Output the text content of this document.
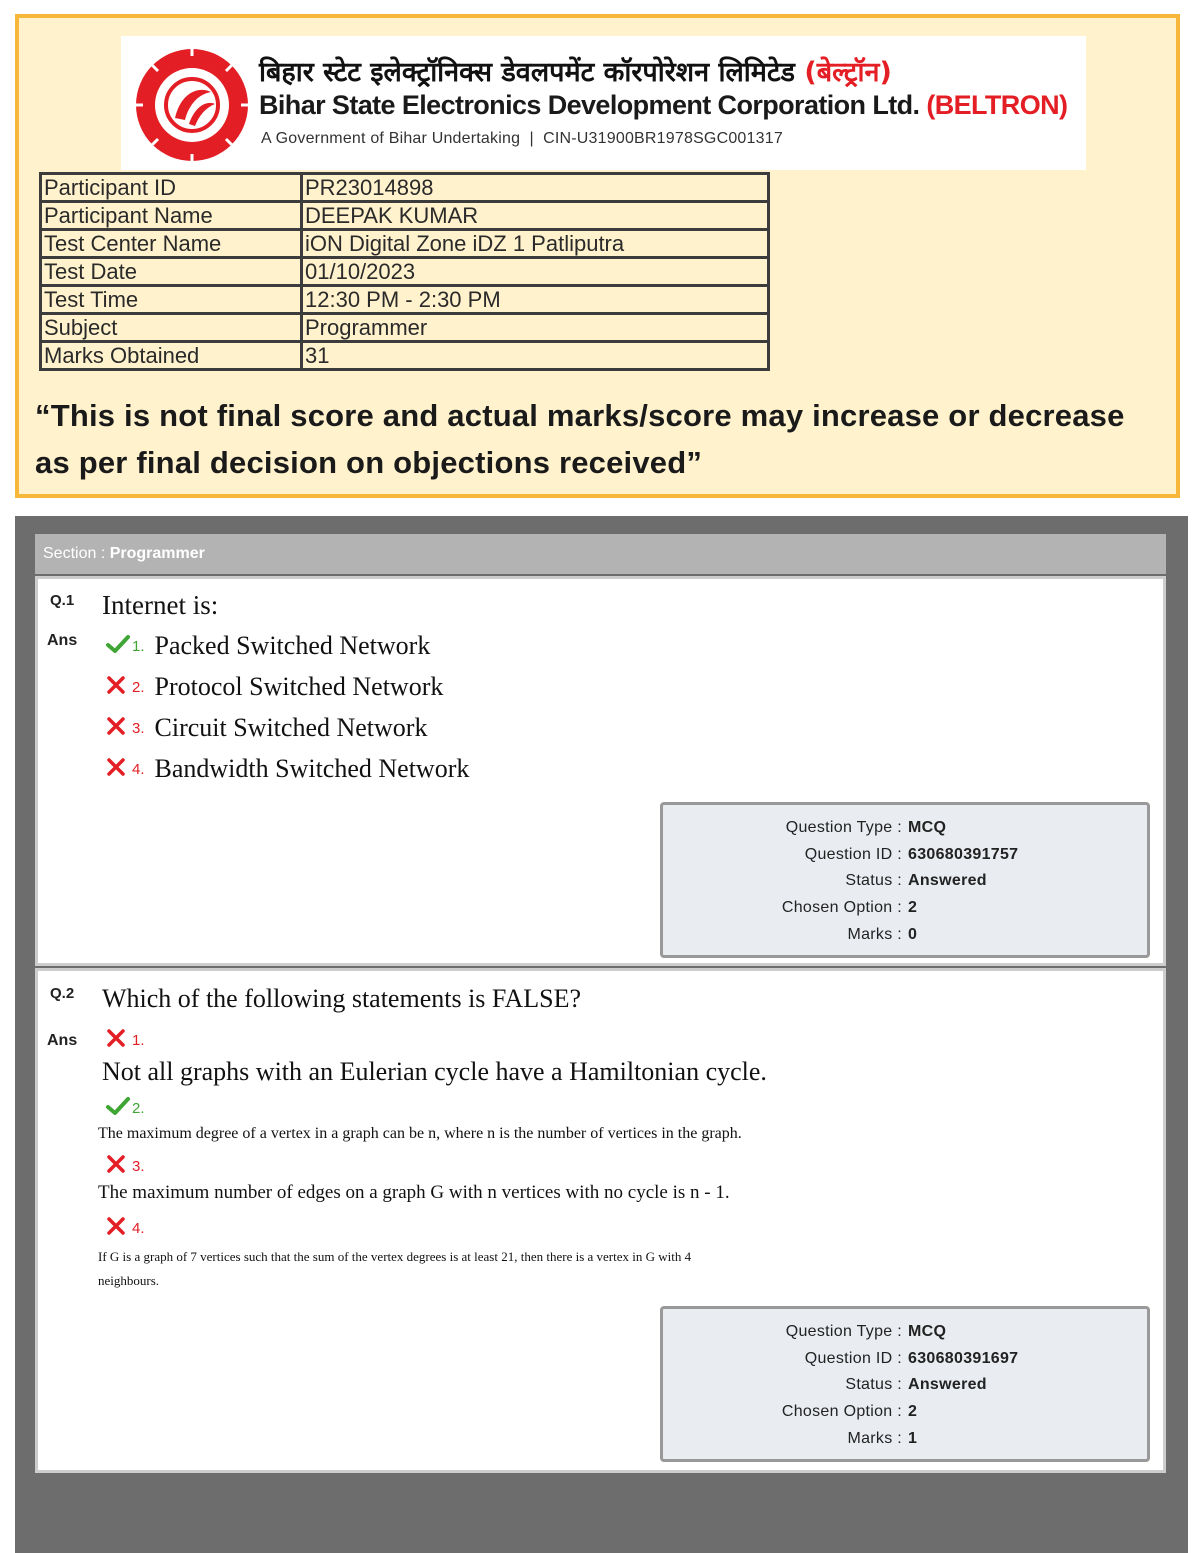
BIHAR STATE ELECTRONICS DEVELOPMENT CORPORATION LIMITED
बिहार स्टेट इलेक्ट्रॉनिक्स डेवलपमेंट कॉरपोरेशन लिमिटेड (बेल्ट्रॉन)
Bihar State Electronics Development Corporation Ltd. (BELTRON)
A Government of Bihar Undertaking  |  CIN-U31900BR1978SGC001317
Participant ID	PR23014898
Participant Name	DEEPAK KUMAR
Test Center Name	iON Digital Zone iDZ 1 Patliputra
Test Date	01/10/2023
Test Time	12:30 PM - 2:30 PM
Subject	Programmer
Marks Obtained	31
“This is not final score and actual marks/score may increase or decrease as per final decision on objections received”
Section : Programmer
Q.1
Ans
Internet is:
1. Packed Switched Network
2. Protocol Switched Network
3. Circuit Switched Network
4. Bandwidth Switched Network
Question Type : MCQ
Question ID : 630680391757
Status : Answered
Chosen Option : 2
Marks : 0
Q.2
Ans
Which of the following statements is FALSE?
1.
Not all graphs with an Eulerian cycle have a Hamiltonian cycle.
2.
The maximum degree of a vertex in a graph can be n, where n is the number of vertices in the graph.
3.
The maximum number of edges on a graph G with n vertices with no cycle is n - 1.
4.
If G is a graph of 7 vertices such that the sum of the vertex degrees is at least 21, then there is a vertex in G with 4
neighbours.
Question Type : MCQ
Question ID : 630680391697
Status : Answered
Chosen Option : 2
Marks : 1
